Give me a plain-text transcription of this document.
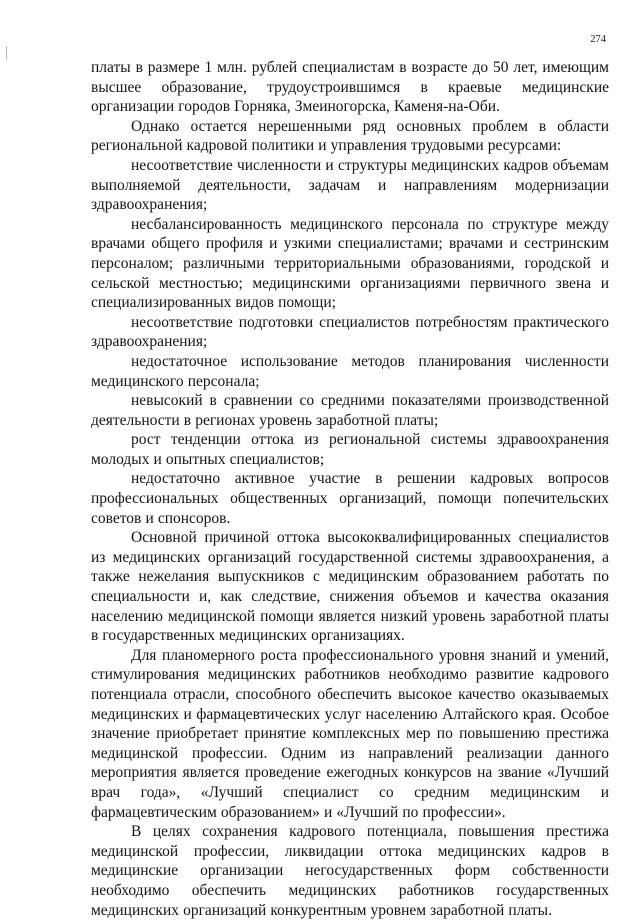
274

платы в размере 1 млн. рублей специалистам в возрасте до 50 лет, имеющим высшее образование, трудоустроившимся в краевые медицинские организации городов Горняка, Змеиногорска, Каменя-на-Оби.

Однако остается нерешенными ряд основных проблем в области региональной кадровой политики и управления трудовыми ресурсами:

несоответствие численности и структуры медицинских кадров объемам выполняемой деятельности, задачам и направлениям модернизации здравоохранения;

несбалансированность медицинского персонала по структуре между врачами общего профиля и узкими специалистами; врачами и сестринским персоналом; различными территориальными образованиями, городской и сельской местностью; медицинскими организациями первичного звена и специализированных видов помощи;

несоответствие подготовки специалистов потребностям практического здравоохранения;

недостаточное использование методов планирования численности медицинского персонала;

невысокий в сравнении со средними показателями производственной деятельности в регионах уровень заработной платы;

рост тенденции оттока из региональной системы здравоохранения молодых и опытных специалистов;

недостаточно активное участие в решении кадровых вопросов профессиональных общественных организаций, помощи попечительских советов и спонсоров.

Основной причиной оттока высококвалифицированных специалистов из медицинских организаций государственной системы здравоохранения, а также нежелания выпускников с медицинским образованием работать по специальности и, как следствие, снижения объемов и качества оказания населению медицинской помощи является низкий уровень заработной платы в государственных медицинских организациях.

Для планомерного роста профессионального уровня знаний и умений, стимулирования медицинских работников необходимо развитие кадрового потенциала отрасли, способного обеспечить высокое качество оказываемых медицинских и фармацевтических услуг населению Алтайского края. Особое значение приобретает принятие комплексных мер по повышению престижа медицинской профессии. Одним из направлений реализации данного мероприятия является проведение ежегодных конкурсов на звание «Лучший врач года», «Лучший специалист со средним медицинским и фармацевтическим образованием» и «Лучший по профессии».

В целях сохранения кадрового потенциала, повышения престижа медицинской профессии, ликвидации оттока медицинских кадров в медицинские организации негосударственных форм собственности необходимо обеспечить медицинских работников государственных медицинских организаций конкурентным уровнем заработной платы.
